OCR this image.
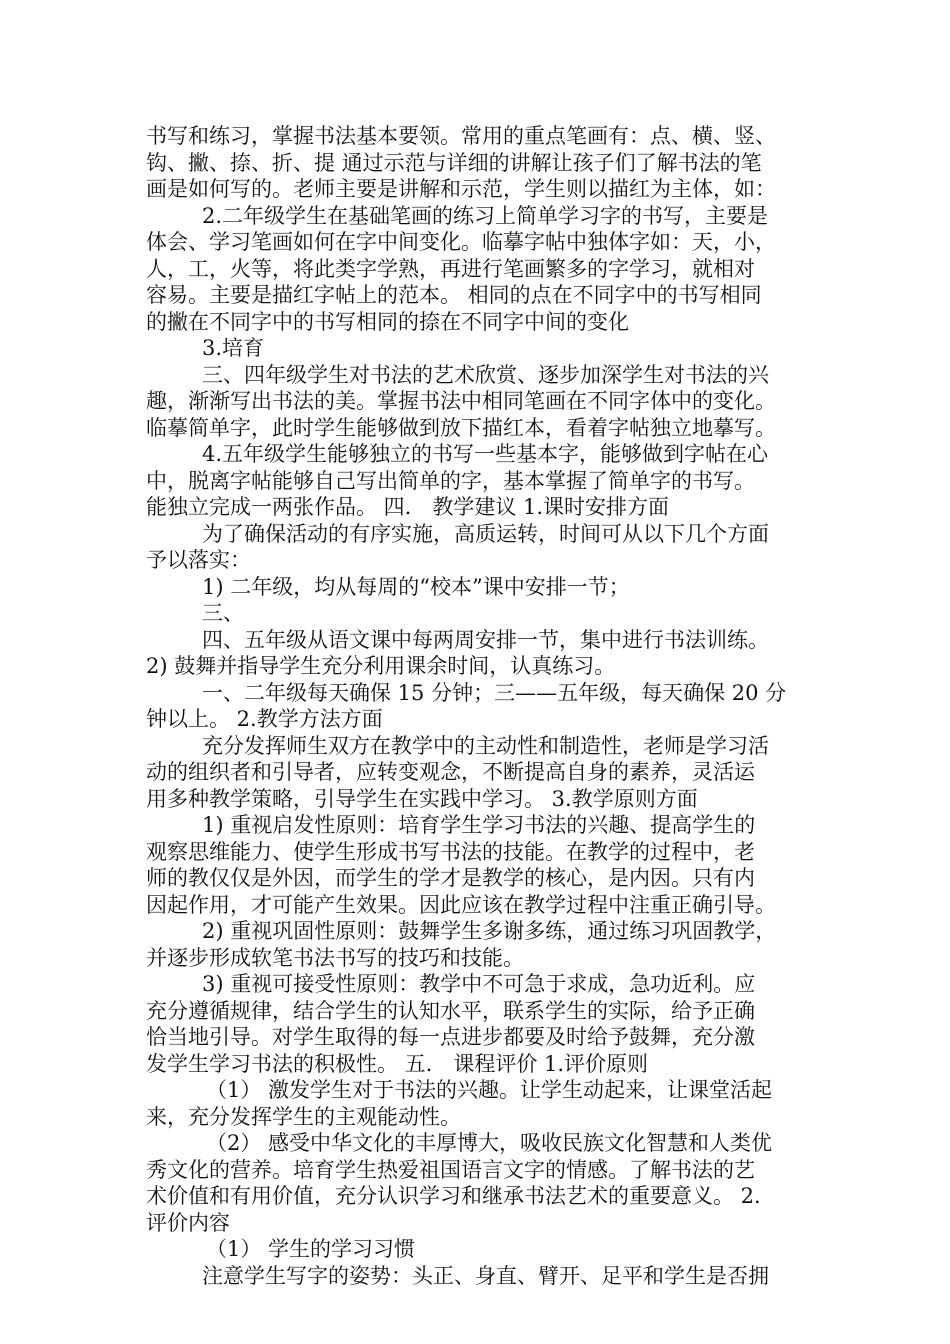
书写和练习，掌握书法基本要领。常用的重点笔画有：点、横、竖、
钩、撇、捺、折、提 通过示范与详细的讲解让孩子们了解书法的笔
画是如何写的。老师主要是讲解和示范，学生则以描红为主体，如：
2.二年级学生在基础笔画的练习上简单学习字的书写，主要是
体会、学习笔画如何在字中间变化。临摹字帖中独体字如：天，小，
人，工，火等，将此类字学熟，再进行笔画繁多的字学习，就相对
容易。主要是描红字帖上的范本。 相同的点在不同字中的书写相同
的撇在不同字中的书写相同的捺在不同字中间的变化
3.培育
三、四年级学生对书法的艺术欣赏、逐步加深学生对书法的兴
趣，渐渐写出书法的美。掌握书法中相同笔画在不同字体中的变化。
临摹简单字，此时学生能够做到放下描红本，看着字帖独立地摹写。
4.五年级学生能够独立的书写一些基本字，能够做到字帖在心
中，脱离字帖能够自己写出简单的字，基本掌握了简单字的书写。
能独立完成一两张作品。 四.　教学建议 1.课时安排方面
为了确保活动的有序实施，高质运转，时间可从以下几个方面
予以落实：
1) 二年级，均从每周的“校本”课中安排一节；
三、
四、五年级从语文课中每两周安排一节，集中进行书法训练。
2) 鼓舞并指导学生充分利用课余时间，认真练习。
一、二年级每天确保 15 分钟；三——五年级，每天确保 20 分
钟以上。 2.教学方法方面
充分发挥师生双方在教学中的主动性和制造性，老师是学习活
动的组织者和引导者，应转变观念，不断提高自身的素养，灵活运
用多种教学策略，引导学生在实践中学习。 3.教学原则方面
1) 重视启发性原则：培育学生学习书法的兴趣、提高学生的
观察思维能力、使学生形成书写书法的技能。在教学的过程中，老
师的教仅仅是外因，而学生的学才是教学的核心，是内因。只有内
因起作用，才可能产生效果。因此应该在教学过程中注重正确引导。
2) 重视巩固性原则：鼓舞学生多谢多练，通过练习巩固教学，
并逐步形成软笔书法书写的技巧和技能。
3) 重视可接受性原则：教学中不可急于求成，急功近利。应
充分遵循规律，结合学生的认知水平，联系学生的实际，给予正确
恰当地引导。对学生取得的每一点进步都要及时给予鼓舞，充分激
发学生学习书法的积极性。 五.　课程评价 1.评价原则
（1） 激发学生对于书法的兴趣。让学生动起来，让课堂活起
来，充分发挥学生的主观能动性。
（2） 感受中华文化的丰厚博大，吸收民族文化智慧和人类优
秀文化的营养。培育学生热爱祖国语言文字的情感。了解书法的艺
术价值和有用价值，充分认识学习和继承书法艺术的重要意义。 2.
评价内容
（1） 学生的学习习惯
注意学生写字的姿势：头正、身直、臂开、足平和学生是否拥
